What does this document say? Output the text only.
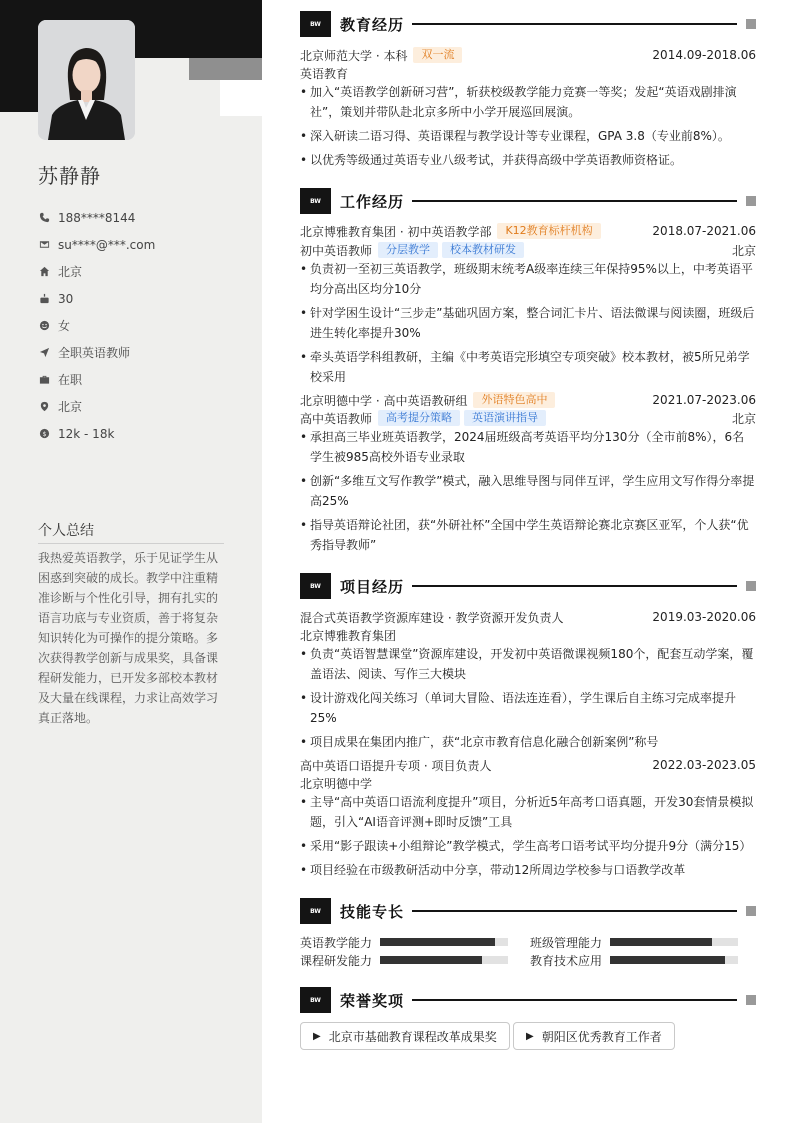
苏静静
188****8144
su****@***.com
北京
30
女
全职英语教师
在职
北京
$ 12k - 18k
个人总结
我热爱英语教学，乐于见证学生从困惑到突破的成长。教学中注重精准诊断与个性化引导，拥有扎实的语言功底与专业资质，善于将复杂知识转化为可操作的提分策略。多次获得教学创新与成果奖，具备课程研发能力，已开发多部校本教材及大量在线课程，力求让高效学习真正落地。
BW	教育经历
北京师范大学 · 本科	双一流	2014.09-2018.06
英语教育
• 加入“英语教学创新研习营”，斩获校级教学能力竞赛一等奖；发起“英语戏剧排演社”，策划并带队赴北京多所中小学开展巡回展演。
• 深入研读二语习得、英语课程与教学设计等专业课程，GPA 3.8（专业前8%）。
• 以优秀等级通过英语专业八级考试，并获得高级中学英语教师资格证。
BW	工作经历
北京博雅教育集团 · 初中英语教学部	K12教育标杆机构	2018.07-2021.06
初中英语教师	分层教学	校本教材研发	北京
• 负责初一至初三英语教学，班级期末统考A级率连续三年保持95%以上，中考英语平均分高出区均分10分
• 针对学困生设计“三步走”基础巩固方案，整合词汇卡片、语法微课与阅读圈，班级后进生转化率提升30%
• 牵头英语学科组教研，主编《中考英语完形填空专项突破》校本教材，被5所兄弟学校采用
北京明德中学 · 高中英语教研组	外语特色高中	2021.07-2023.06
高中英语教师	高考提分策略	英语演讲指导	北京
• 承担高三毕业班英语教学，2024届班级高考英语平均分130分（全市前8%），6名学生被985高校外语专业录取
• 创新“多维互文写作教学”模式，融入思维导图与同伴互评，学生应用文写作得分率提高25%
• 指导英语辩论社团，获“外研社杯”全国中学生英语辩论赛北京赛区亚军，个人获“优秀指导教师”
BW	项目经历
混合式英语教学资源库建设 · 教学资源开发负责人	2019.03-2020.06
北京博雅教育集团
• 负责“英语智慧课堂”资源库建设，开发初中英语微课视频180个，配套互动学案，覆盖语法、阅读、写作三大模块
• 设计游戏化闯关练习（单词大冒险、语法连连看），学生课后自主练习完成率提升25%
• 项目成果在集团内推广，获“北京市教育信息化融合创新案例”称号
高中英语口语提升专项 · 项目负责人	2022.03-2023.05
北京明德中学
• 主导“高中英语口语流利度提升”项目，分析近5年高考口语真题，开发30套情景模拟题，引入“AI语音评测+即时反馈”工具
• 采用“影子跟读+小组辩论”教学模式，学生高考口语考试平均分提升9分（满分15）
• 项目经验在市级教研活动中分享，带动12所周边学校参与口语教学改革
BW	技能专长
英语教学能力	班级管理能力
课程研发能力	教育技术应用
BW	荣誉奖项
▶ 北京市基础教育课程改革成果奖	▶ 朝阳区优秀教育工作者
